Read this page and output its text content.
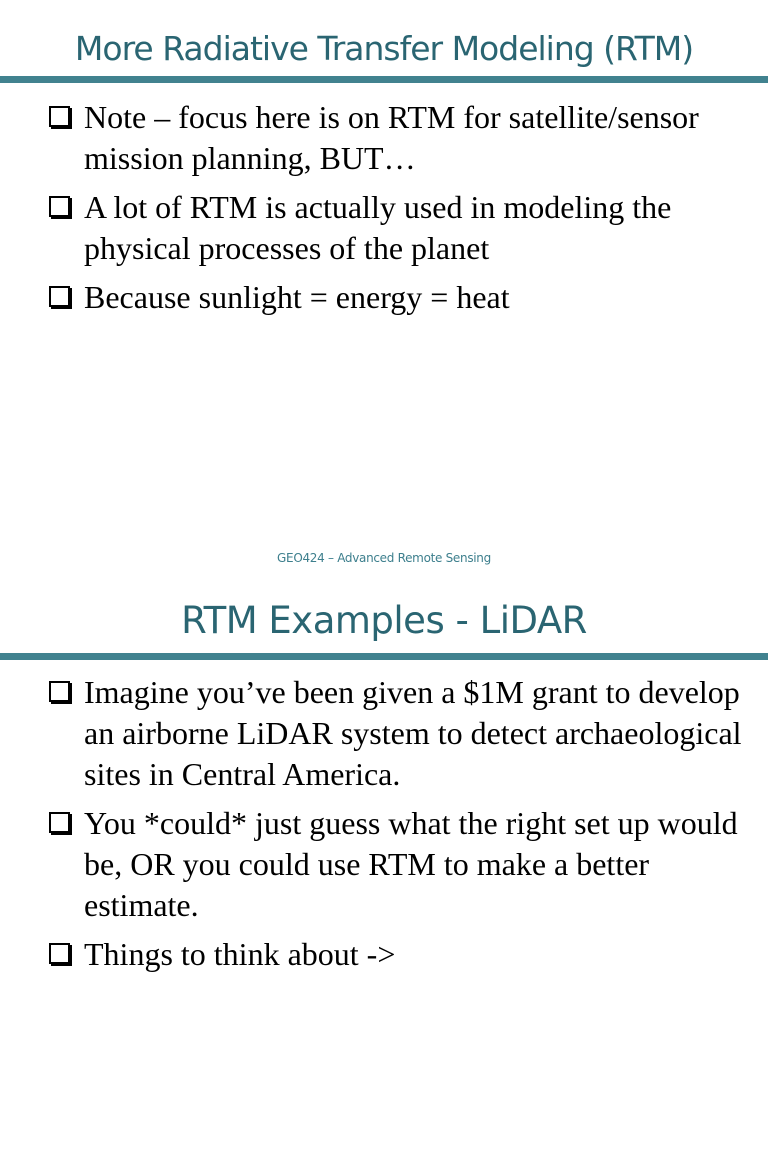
More Radiative Transfer Modeling (RTM)
Note – focus here is on RTM for satellite/sensor mission planning, BUT…
A lot of RTM is actually used in modeling the physical processes of the planet
Because sunlight = energy = heat
GEO424 – Advanced Remote Sensing
RTM Examples - LiDAR
Imagine you’ve been given a $1M grant to develop an airborne LiDAR system to detect archaeological sites in Central America.
You *could* just guess what the right set up would be, OR you could use RTM to make a better estimate.
Things to think about ->
